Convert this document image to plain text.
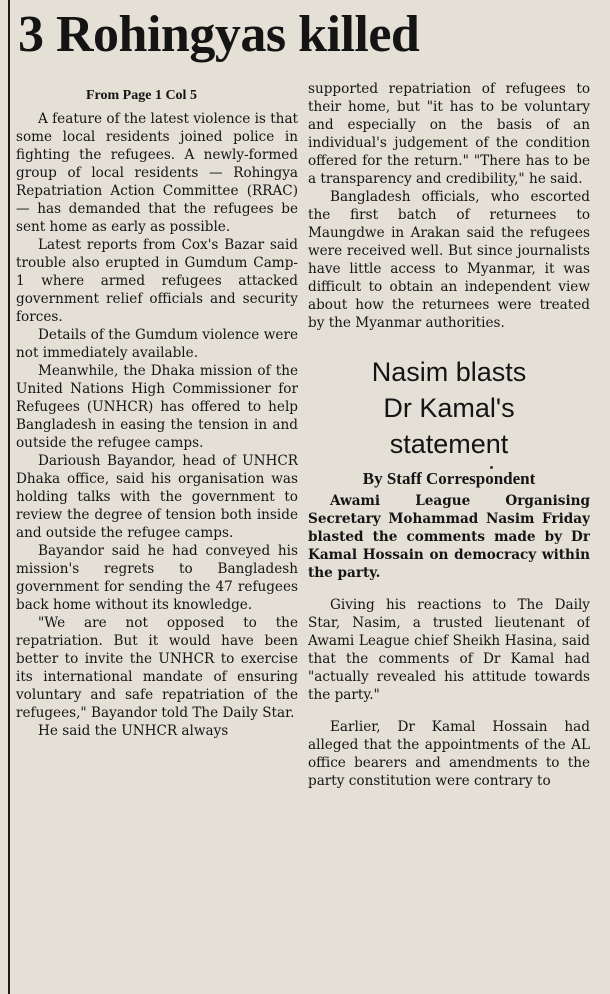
3 Rohingyas killed
From Page 1 Col 5

A feature of the latest violence is that some local residents joined police in fighting the refugees. A newly-formed group of local residents — Rohingya Repatriation Action Committee (RRAC) — has demanded that the refugees be sent home as early as possible.

Latest reports from Cox's Bazar said trouble also erupted in Gumdum Camp-1 where armed refugees attacked government relief officials and security forces.

Details of the Gumdum violence were not immediately available.

Meanwhile, the Dhaka mission of the United Nations High Commissioner for Refugees (UNHCR) has offered to help Bangladesh in easing the tension in and outside the refugee camps.

Darioush Bayandor, head of UNHCR Dhaka office, said his organisation was holding talks with the government to review the degree of tension both inside and outside the refugee camps.

Bayandor said he had conveyed his mission's regrets to Bangladesh government for sending the 47 refugees back home without its knowledge.

"We are not opposed to the repatriation. But it would have been better to invite the UNHCR to exercise its international mandate of ensuring voluntary and safe repatriation of the refugees," Bayandor told The Daily Star.

He said the UNHCR always

supported repatriation of refugees to their home, but "it has to be voluntary and especially on the basis of an individual's judgement of the condition offered for the return." "There has to be a transparency and credibility," he said.

Bangladesh officials, who escorted the first batch of returnees to Maungdwe in Arakan said the refugees were received well. But since journalists have little access to Myanmar, it was difficult to obtain an independent view about how the returnees were treated by the Myanmar authorities.

Nasim blasts
Dr Kamal's
statement
By Staff Correspondent

Awami League Organising Secretary Mohammad Nasim Friday blasted the comments made by Dr Kamal Hossain on democracy within the party.

Giving his reactions to The Daily Star, Nasim, a trusted lieutenant of Awami League chief Sheikh Hasina, said that the comments of Dr Kamal had "actually revealed his attitude towards the party."

Earlier, Dr Kamal Hossain had alleged that the appointments of the AL office bearers and amendments to the party constitution were contrary to
